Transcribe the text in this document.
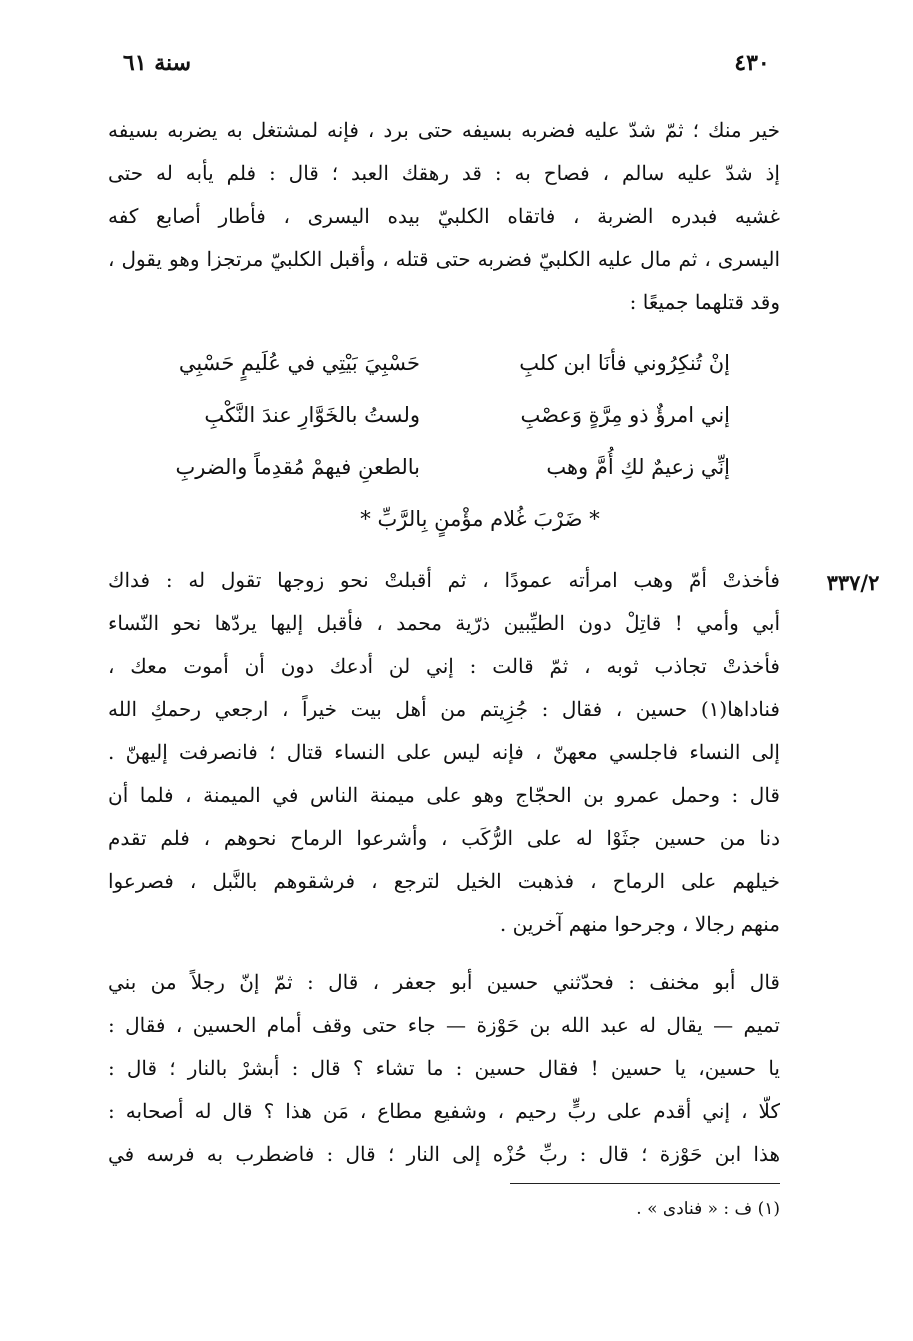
٤٣٠
سنة ٦١
خير منك ؛ ثمّ شدّ عليه فضربه بسيفه حتى برد ، فإنه لمشتغل به يضربه بسيفه
إذ شدّ عليه سالم ، فصاح به : قد رهقك العبد ؛ قال : فلم يأبه له حتى
غشيه فبدره الضربة ، فاتقاه الكلبيّ بيده اليسرى ، فأطار أصابع كفه
اليسرى ، ثم مال عليه الكلبيّ فضربه حتى قتله ، وأقبل الكلبيّ مرتجزا وهو يقول ،
وقد قتلهما جميعًا :
إنْ تُنكِرُوني فأنَا ابن كلبِ
حَسْبِيَ بَيْتِي في عُلَيمٍ حَسْبِي
إني امرؤٌ ذو مِرَّةٍ وَعصْبِ
ولستُ بالخَوَّارِ عندَ النَّكْبِ
إنِّي زعيمٌ لكِ أُمَّ وهب
بالطعنِ فيهمْ مُقدِماً والضربِ
* ضَرْبَ غُلام مؤْمنٍ بِالرَّبِّ *
٣٣٧/٢
فأخذتْ أمّ وهب امرأته عمودًا ، ثم أقبلتْ نحو زوجها تقول له : فداك
أبي وأمي ! قاتِلْ دون الطيِّبين ذرّية محمد ، فأقبل إليها يردّها نحو النّساء
فأخذتْ تجاذب ثوبه ، ثمّ قالت : إني لن أدعك دون أن أموت معك ،
فناداها(١) حسين ، فقال : جُزِيتم من أهل بيت خيراً ، ارجعي رحمكِ الله
إلى النساء فاجلسي معهنّ ، فإنه ليس على النساء قتال ؛ فانصرفت إليهنّ .
قال : وحمل عمرو بن الحجّاج وهو على ميمنة الناس في الميمنة ، فلما أن
دنا من حسين جثَوْا له على الرُّكَب ، وأشرعوا الرماح نحوهم ، فلم تقدم
خيلهم على الرماح ، فذهبت الخيل لترجع ، فرشقوهم بالنَّبل ، فصرعوا
منهم رجالا ، وجرحوا منهم آخرين .
قال أبو مخنف : فحدّثني حسين أبو جعفر ، قال : ثمّ إنّ رجلاً من بني
تميم — يقال له عبد الله بن حَوْزة — جاء حتى وقف أمام الحسين ، فقال :
يا حسين، يا حسين ! فقال حسين : ما تشاء ؟ قال : أبشرْ بالنار ؛ قال :
كلّا ، إني أقدم على ربٍّ رحيم ، وشفيع مطاع ، مَن هذا ؟ قال له أصحابه :
هذا ابن حَوْزة ؛ قال : ربِّ حُزْه إلى النار ؛ قال : فاضطرب به فرسه في
(١) ف : « فنادى » .
